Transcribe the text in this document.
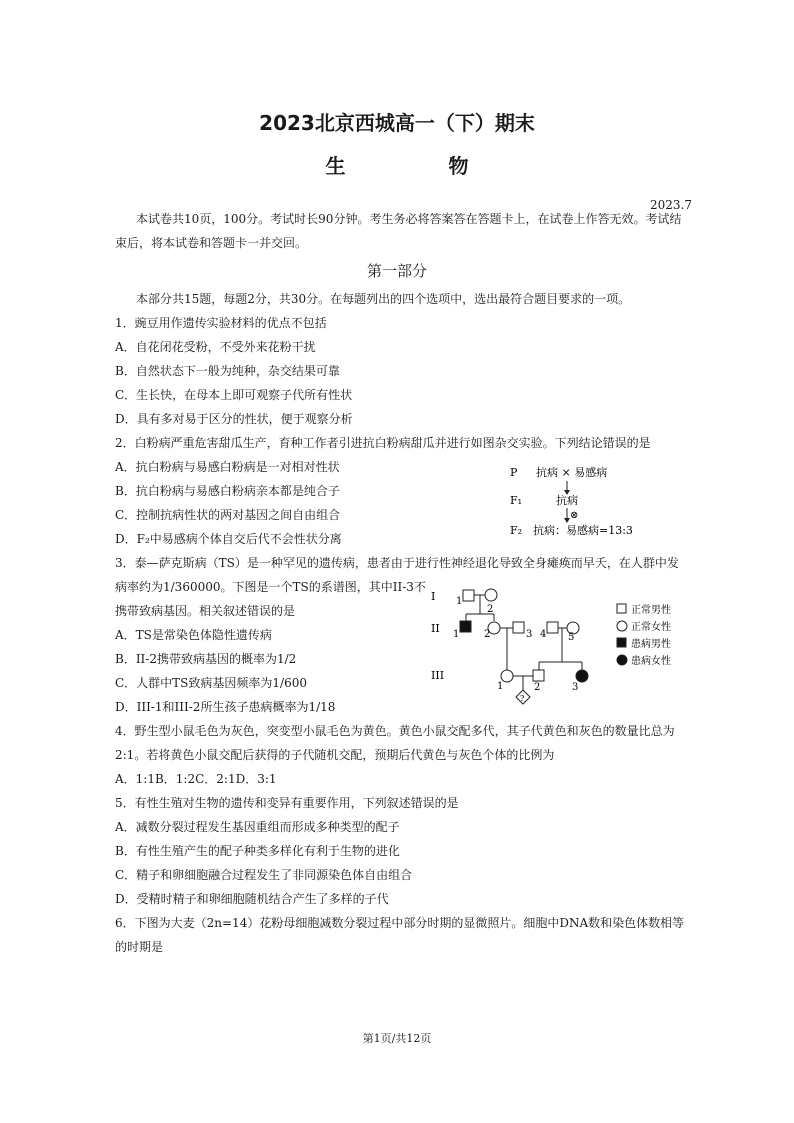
2023北京西城高一（下）期末
生 物
2023.7
本试卷共10页，100分。考试时长90分钟。考生务必将答案答在答题卡上，在试卷上作答无效。考试结
束后，将本试卷和答题卡一并交回。
第一部分
本部分共15题，每题2分，共30分。在每题列出的四个选项中，选出最符合题目要求的一项。
1．豌豆用作遗传实验材料的优点不包括
A．自花闭花受粉，不受外来花粉干扰
B．自然状态下一般为纯种，杂交结果可靠
C．生长快，在母本上即可观察子代所有性状
D．具有多对易于区分的性状，便于观察分析
2．白粉病严重危害甜瓜生产，育种工作者引进抗白粉病甜瓜并进行如图杂交实验。下列结论错误的是
A．抗白粉病与易感白粉病是一对相对性状
B．抗白粉病与易感白粉病亲本都是纯合子
C．控制抗病性状的两对基因之间自由组合
D．F₂中易感病个体自交后代不会性状分离
P 抗病 × 易感病
F₁	抗病
⊗
F₂ 抗病：易感病=13:3
3．泰—萨克斯病（TS）是一种罕见的遗传病，患者由于进行性神经退化导致全身瘫痪而早夭，在人群中发
病率约为1/360000。下图是一个TS的系谱图，其中II-3不
携带致病基因。相关叙述错误的是
A．TS是常染色体隐性遗传病
B．II-2携带致病基因的概率为1/2
C．人群中TS致病基因频率为1/600
D．III-1和III-2所生孩子患病概率为1/18
I
II
III
1
2
1 2	3 4 5
1	2	3
?
正常男性
正常女性
患病男性
患病女性
4．野生型小鼠毛色为灰色，突变型小鼠毛色为黄色。黄色小鼠交配多代，其子代黄色和灰色的数量比总为
2:1。若将黄色小鼠交配后获得的子代随机交配，预期后代黄色与灰色个体的比例为
A．1:1B．1:2C．2:1D．3:1
5．有性生殖对生物的遗传和变异有重要作用，下列叙述错误的是
A．减数分裂过程发生基因重组而形成多种类型的配子
B．有性生殖产生的配子种类多样化有利于生物的进化
C．精子和卵细胞融合过程发生了非同源染色体自由组合
D．受精时精子和卵细胞随机结合产生了多样的子代
6．下图为大麦（2n=14）花粉母细胞减数分裂过程中部分时期的显微照片。细胞中DNA数和染色体数相等
的时期是
第1页/共12页
